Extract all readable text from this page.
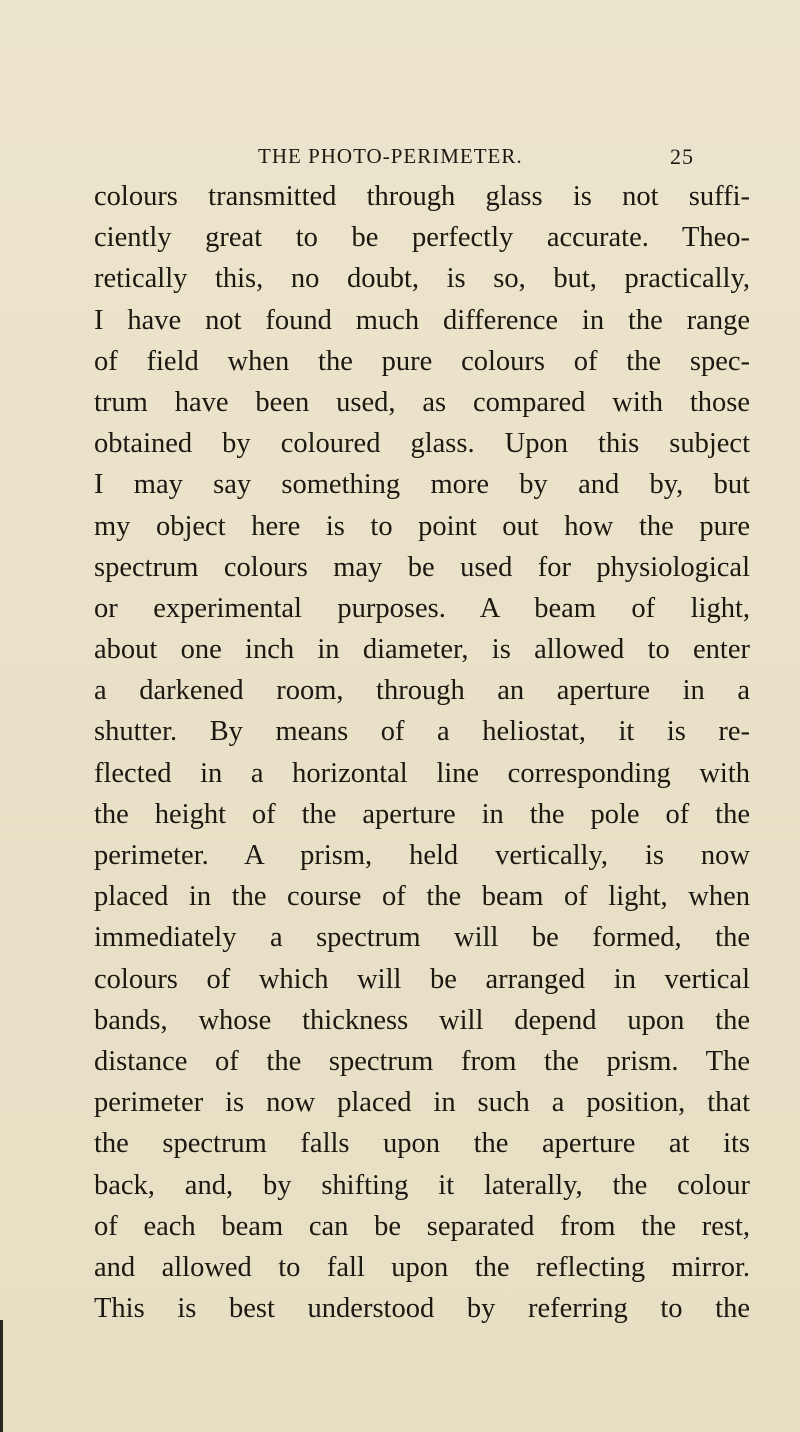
THE PHOTO-PERIMETER.	25
colours transmitted through glass is not suffi-
ciently great to be perfectly accurate. Theo-
retically this, no doubt, is so, but, practically,
I have not found much difference in the range
of field when the pure colours of the spec-
trum have been used, as compared with those
obtained by coloured glass. Upon this subject
I may say something more by and by, but
my object here is to point out how the pure
spectrum colours may be used for physiological
or experimental purposes. A beam of light,
about one inch in diameter, is allowed to enter
a darkened room, through an aperture in a
shutter. By means of a heliostat, it is re-
flected in a horizontal line corresponding with
the height of the aperture in the pole of the
perimeter. A prism, held vertically, is now
placed in the course of the beam of light, when
immediately a spectrum will be formed, the
colours of which will be arranged in vertical
bands, whose thickness will depend upon the
distance of the spectrum from the prism. The
perimeter is now placed in such a position, that
the spectrum falls upon the aperture at its
back, and, by shifting it laterally, the colour
of each beam can be separated from the rest,
and allowed to fall upon the reflecting mirror.
This is best understood by referring to the
